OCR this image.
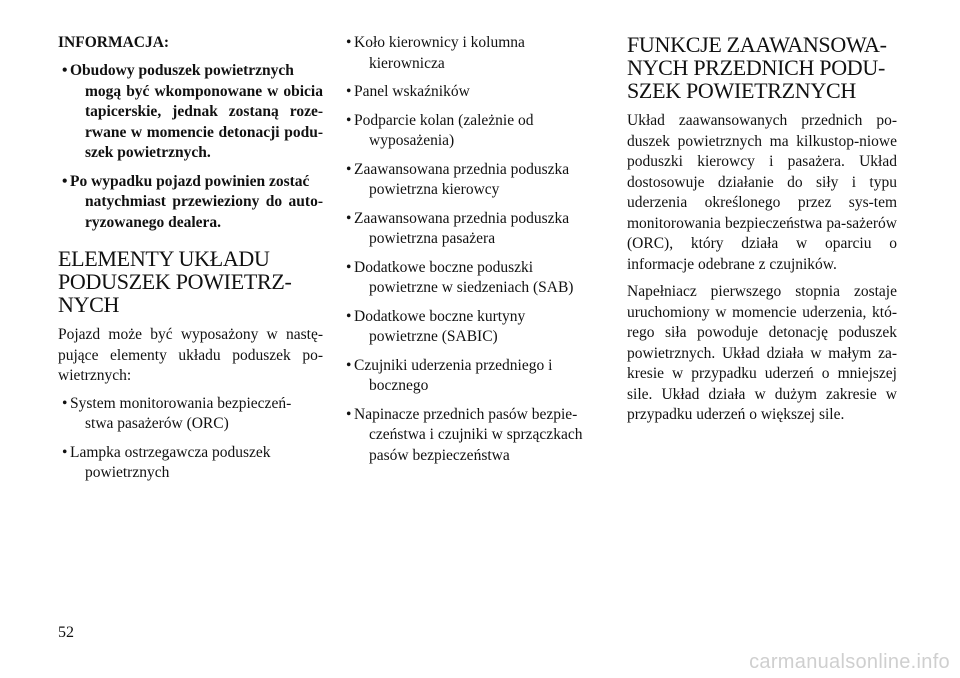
INFORMACJA:

• Obudowy poduszek powietrznych
mogą być wkomponowane w obicia tapicerskie, jednak zostaną roze-rwane w momencie detonacji podu-szek powietrznych.
• Po wypadku pojazd powinien zostać
natychmiast przewieziony do auto-ryzowanego dealera.
ELEMENTY UKŁADU
PODUSZEK POWIETRZ-
NYCH

Pojazd może być wyposażony w nastę-pujące elementy układu poduszek po-wietrznych:

• System monitorowania bezpieczeń-
stwa pasażerów (ORC)
• Lampka ostrzegawcza poduszek
powietrznych
• Koło kierownicy i kolumna
kierownicza
• Panel wskaźników
• Podparcie kolan (zależnie od
wyposażenia)
• Zaawansowana przednia poduszka
powietrzna kierowcy
• Zaawansowana przednia poduszka
powietrzna pasażera
• Dodatkowe boczne poduszki
powietrzne w siedzeniach (SAB)
• Dodatkowe boczne kurtyny
powietrzne (SABIC)
• Czujniki uderzenia przedniego i
bocznego
• Napinacze przednich pasów bezpie-
czeństwa i czujniki w sprzączkach pasów bezpieczeństwa
FUNKCJE ZAAWANSOWA-
NYCH PRZEDNICH PODU-
SZEK POWIETRZNYCH

Układ zaawansowanych przednich po-duszek powietrznych ma kilkustop-niowe poduszki kierowcy i pasażera. Układ dostosowuje działanie do siły i typu uderzenia określonego przez sys-tem monitorowania bezpieczeństwa pa-sażerów (ORC), który działa w oparciu o informacje odebrane z czujników.

Napełniacz pierwszego stopnia zostaje uruchomiony w momencie uderzenia, któ-rego siła powoduje detonację poduszek powietrznych. Układ działa w małym za-kresie w przypadku uderzeń o mniejszej sile. Układ działa w dużym zakresie w przypadku uderzeń o większej sile.

52
carmanualsonline.info
